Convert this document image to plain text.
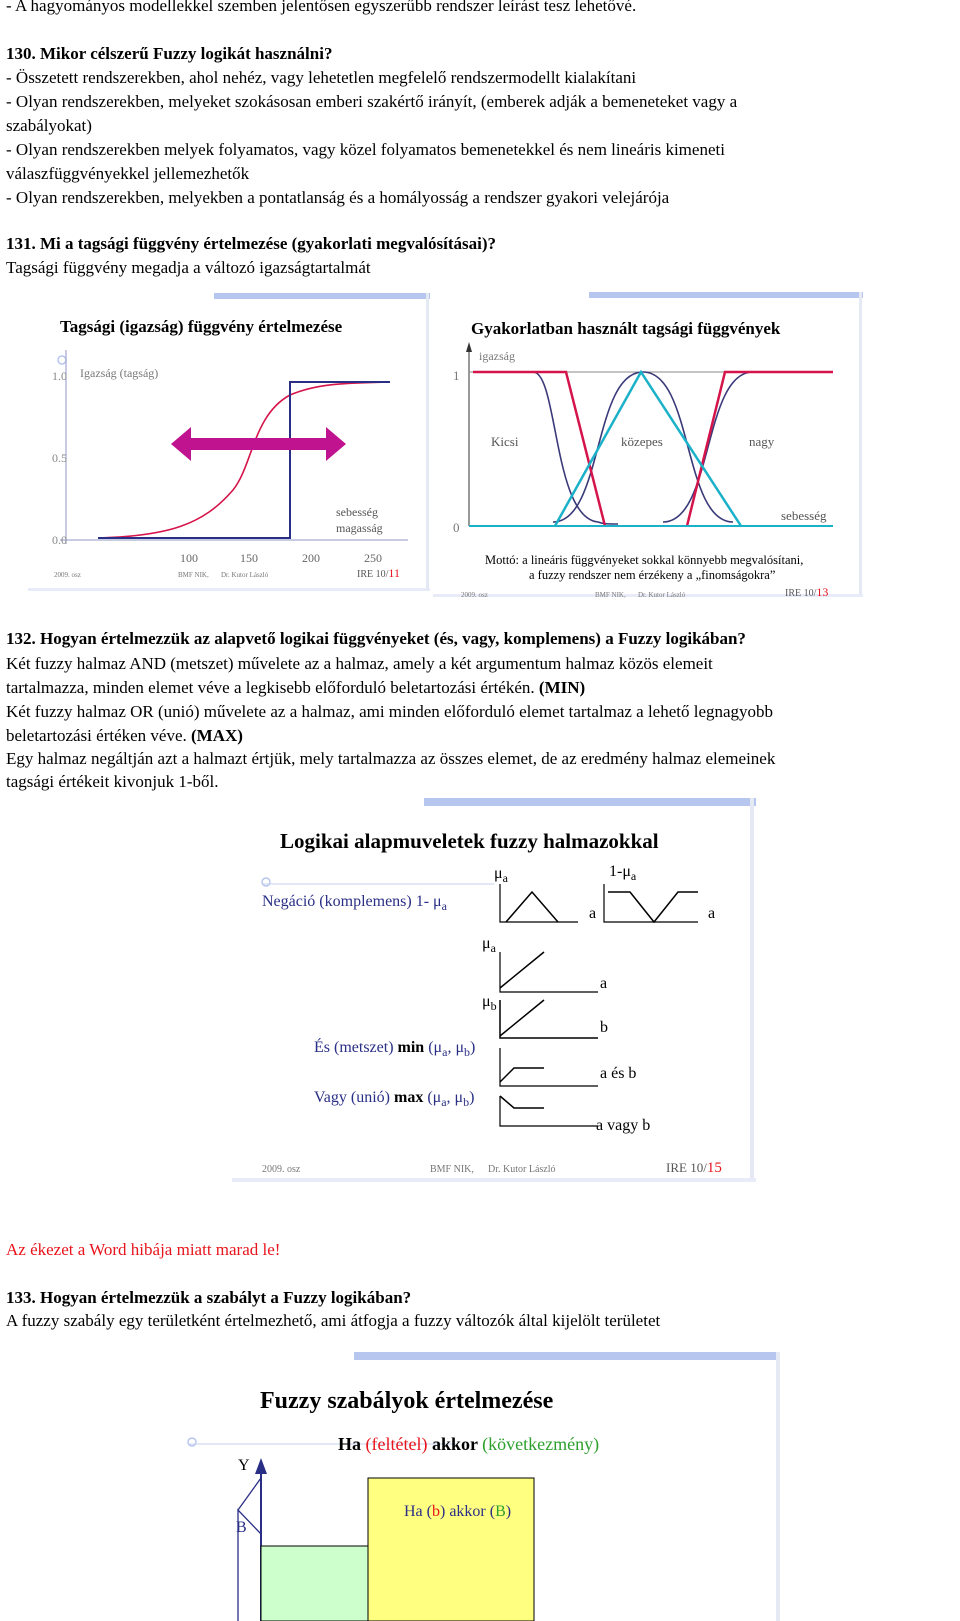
- A hagyományos modellekkel szemben jelentősen egyszerűbb rendszer leírást tesz lehetővé.
130. Mikor célszerű Fuzzy logikát használni?
- Összetett rendszerekben, ahol nehéz, vagy lehetetlen megfelelő rendszermodellt kialakítani
- Olyan rendszerekben, melyeket szokásosan emberi szakértő irányít, (emberek adják a bemeneteket vagy a
szabályokat)
- Olyan rendszerekben melyek folyamatos, vagy közel folyamatos bemenetekkel és nem lineáris kimeneti
válaszfüggvényekkel jellemezhetők
- Olyan rendszerekben, melyekben a pontatlanság és a homályosság a rendszer gyakori velejárója
131. Mi a tagsági függvény értelmezése (gyakorlati megvalósításai)?
Tagsági függvény megadja a változó igazságtartalmát
Tagsági (igazság) függvény értelmezése
1.0 Igazság (tagság)
0.5
0.0
sebesség
magasság
100	150	200	250
2009. osz	BMF NIK, Dr. Kutor László	IRE 10/11
Gyakorlatban használt tagsági függvények
igazság
1
0
Kicsi	közepes	nagy
sebesség
Mottó: a lineáris függvényeket sokkal könnyebb megvalósítani,
a fuzzy rendszer nem érzékeny a „finomságokra”
2009. osz	BMF NIK, Dr. Kutor László	IRE 10/13
132. Hogyan értelmezzük az alapvető logikai függvényeket (és, vagy, komplemens) a Fuzzy logikában?
Két fuzzy halmaz AND (metszet) művelete az a halmaz, amely a két argumentum halmaz közös elemeit
tartalmazza, minden elemet véve a legkisebb előforduló beletartozási értékén. (MIN)
Két fuzzy halmaz OR (unió) művelete az a halmaz, ami minden előforduló elemet tartalmaz a lehető legnagyobb
beletartozási értéken véve. (MAX)
Egy halmaz negáltján azt a halmazt értjük, mely tartalmazza az összes elemet, de az eredmény halmaz elemeinek
tagsági értékeit kivonjuk 1-ből.
Logikai alapmuveletek fuzzy halmazokkal
Negáció (komplemens) 1- $\mu_a$
$\mu_a$
a
$1-\mu_a$
a
$\mu_a$
a
$\mu_b$
b
És (metszet) $\min (\mu_a$, $\mu_b$)
a és b
Vagy (unió) $\max (\mu_a$, $\mu_b$)
a vagy b
2009. osz	BMF NIK, Dr. Kutor László	IRE 10/15
Az ékezet a Word hibája miatt marad le!
133. Hogyan értelmezzük a szabályt a Fuzzy logikában?
A fuzzy szabály egy területként értelmezhető, ami átfogja a fuzzy változók által kijelölt területet
Fuzzy szabályok értelmezése
Ha (feltétel) akkor (következmény)
Y
B
Ha (b) akkor (B)
